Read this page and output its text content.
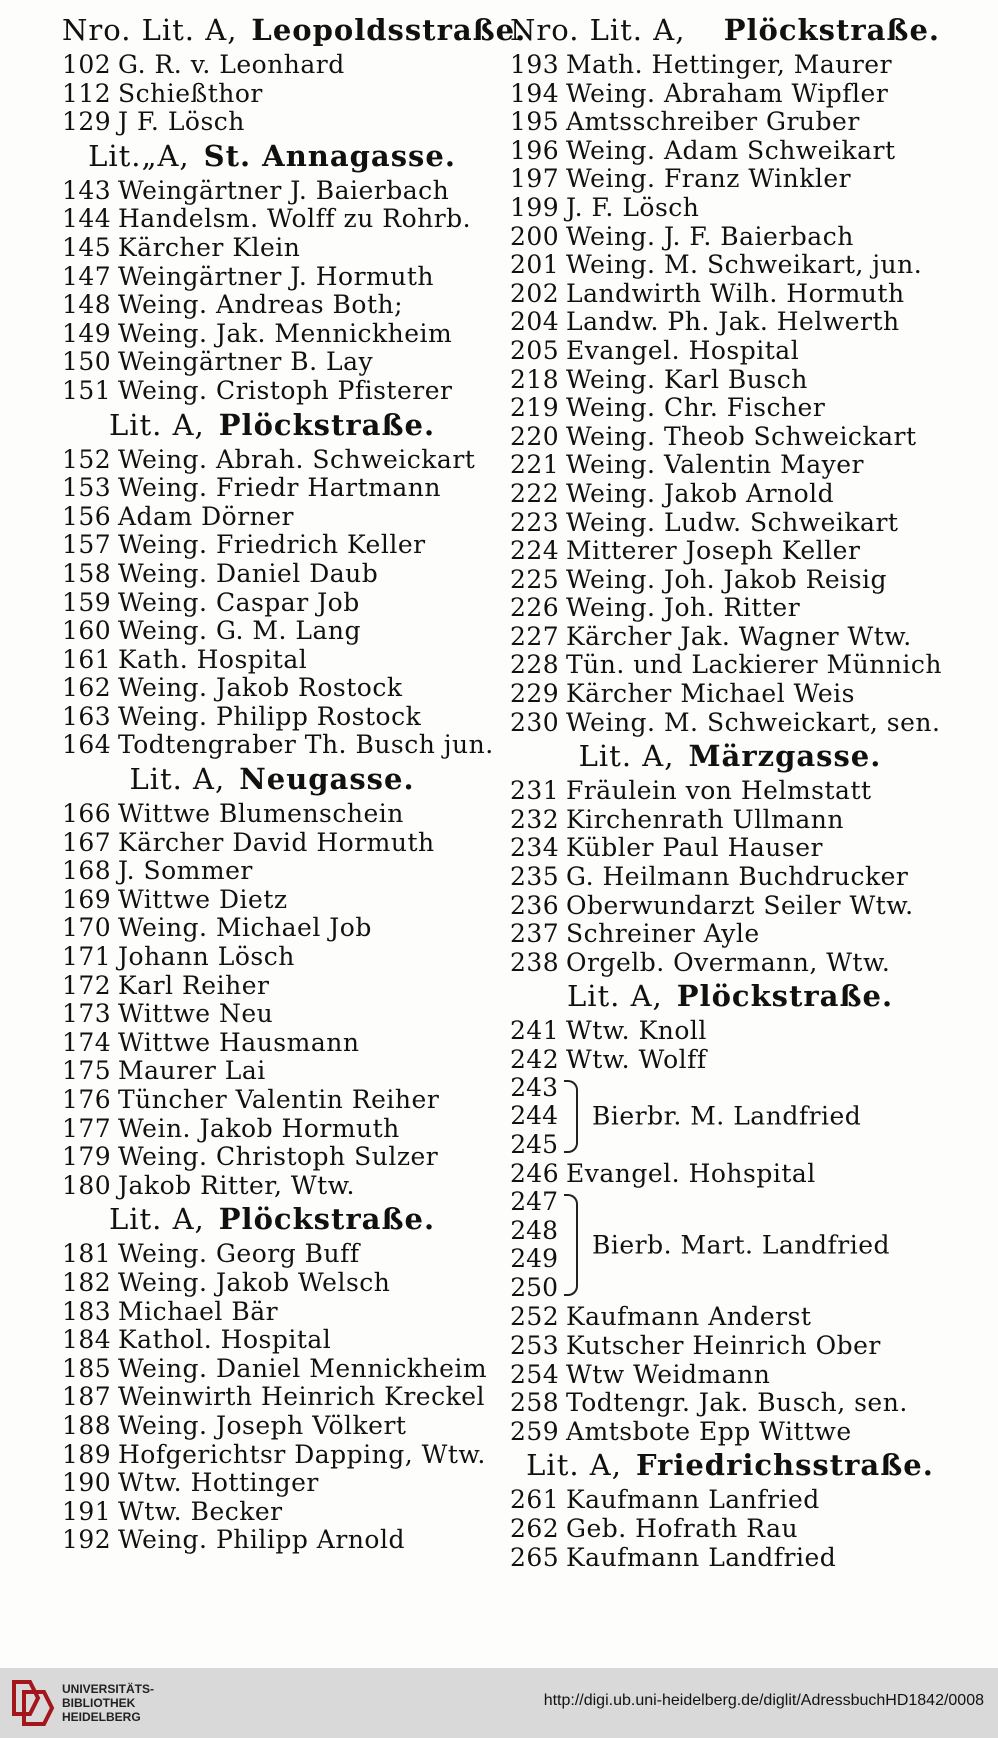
Nro. Lit. A, Leopoldsstraße.
102 G. R. v. Leonhard
112 Schießthor
129 J F. Lösch
Lit.„A, St. Annagasse.
143 Weingärtner J. Baierbach
144 Handelsm. Wolff zu Rohrb.
145 Kärcher Klein
147 Weingärtner J. Hormuth
148 Weing. Andreas Both;
149 Weing. Jak. Mennickheim
150 Weingärtner B. Lay
151 Weing. Cristoph Pfisterer
Lit. A, Plöckstraße.
152 Weing. Abrah. Schweickart
153 Weing. Friedr Hartmann
156 Adam Dörner
157 Weing. Friedrich Keller
158 Weing. Daniel Daub
159 Weing. Caspar Job
160 Weing. G. M. Lang
161 Kath. Hospital
162 Weing. Jakob Rostock
163 Weing. Philipp Rostock
164 Todtengraber Th. Busch jun.
Lit. A, Neugasse.
166 Wittwe Blumenschein
167 Kärcher David Hormuth
168 J. Sommer
169 Wittwe Dietz
170 Weing. Michael Job
171 Johann Lösch
172 Karl Reiher
173 Wittwe Neu
174 Wittwe Hausmann
175 Maurer Lai
176 Tüncher Valentin Reiher
177 Wein. Jakob Hormuth
179 Weing. Christoph Sulzer
180 Jakob Ritter, Wtw.
Lit. A, Plöckstraße.
181 Weing. Georg Buff
182 Weing. Jakob Welsch
183 Michael Bär
184 Kathol. Hospital
185 Weing. Daniel Mennickheim
187 Weinwirth Heinrich Kreckel
188 Weing. Joseph Völkert
189 Hofgerichtsr Dapping, Wtw.
190 Wtw. Hottinger
191 Wtw. Becker
192 Weing. Philipp Arnold
Nro. Lit. A, Plöckstraße.
193 Math. Hettinger, Maurer
194 Weing. Abraham Wipfler
195 Amtsschreiber Gruber
196 Weing. Adam Schweikart
197 Weing. Franz Winkler
199 J. F. Lösch
200 Weing. J. F. Baierbach
201 Weing. M. Schweikart, jun.
202 Landwirth Wilh. Hormuth
204 Landw. Ph. Jak. Helwerth
205 Evangel. Hospital
218 Weing. Karl Busch
219 Weing. Chr. Fischer
220 Weing. Theob Schweickart
221 Weing. Valentin Mayer
222 Weing. Jakob Arnold
223 Weing. Ludw. Schweikart
224 Mitterer Joseph Keller
225 Weing. Joh. Jakob Reisig
226 Weing. Joh. Ritter
227 Kärcher Jak. Wagner Wtw.
228 Tün. und Lackierer Münnich
229 Kärcher Michael Weis
230 Weing. M. Schweickart, sen.
Lit. A, Märzgasse.
231 Fräulein von Helmstatt
232 Kirchenrath Ullmann
234 Kübler Paul Hauser
235 G. Heilmann Buchdrucker
236 Oberwundarzt Seiler Wtw.
237 Schreiner Ayle
238 Orgelb. Overmann, Wtw.
Lit. A, Plöckstraße.
241 Wtw. Knoll
242 Wtw. Wolff
243
244
245
Bierbr. M. Landfried
246 Evangel. Hohspital
247
248
249
250
Bierb. Mart. Landfried
252 Kaufmann Anderst
253 Kutscher Heinrich Ober
254 Wtw Weidmann
258 Todtengr. Jak. Busch, sen.
259 Amtsbote Epp Wittwe
Lit. A, Friedrichsstraße.
261 Kaufmann Lanfried
262 Geb. Hofrath Rau
265 Kaufmann Landfried
UNIVERSITÄTS-
BIBLIOTHEK
HEIDELBERG
http://digi.ub.uni-heidelberg.de/diglit/AdressbuchHD1842/0008
